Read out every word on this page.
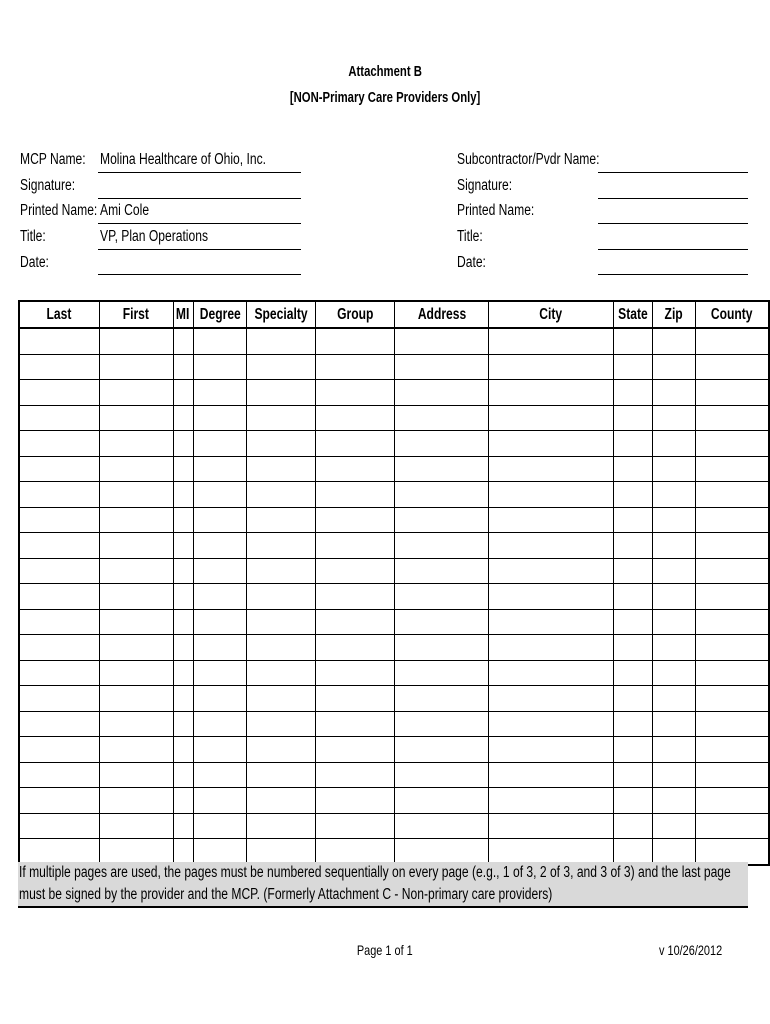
Attachment B
[NON-Primary Care Providers Only]
MCP Name: Molina Healthcare of Ohio, Inc.
Signature:
Printed Name: Ami Cole
Title:	VP, Plan Operations
Date:
Subcontractor/Pvdr Name:
Signature:
Printed Name:
Title:
Date:
Last	First	MI	Degree	Specialty	Group	Address	City	State	Zip	County

If multiple pages are used, the pages must be numbered sequentially on every page (e.g., 1 of 3, 2 of 3, and 3 of 3) and the last page must be signed by the provider and the MCP. (Formerly Attachment C - Non-primary care providers)
Page 1 of 1	v 10/26/2012
